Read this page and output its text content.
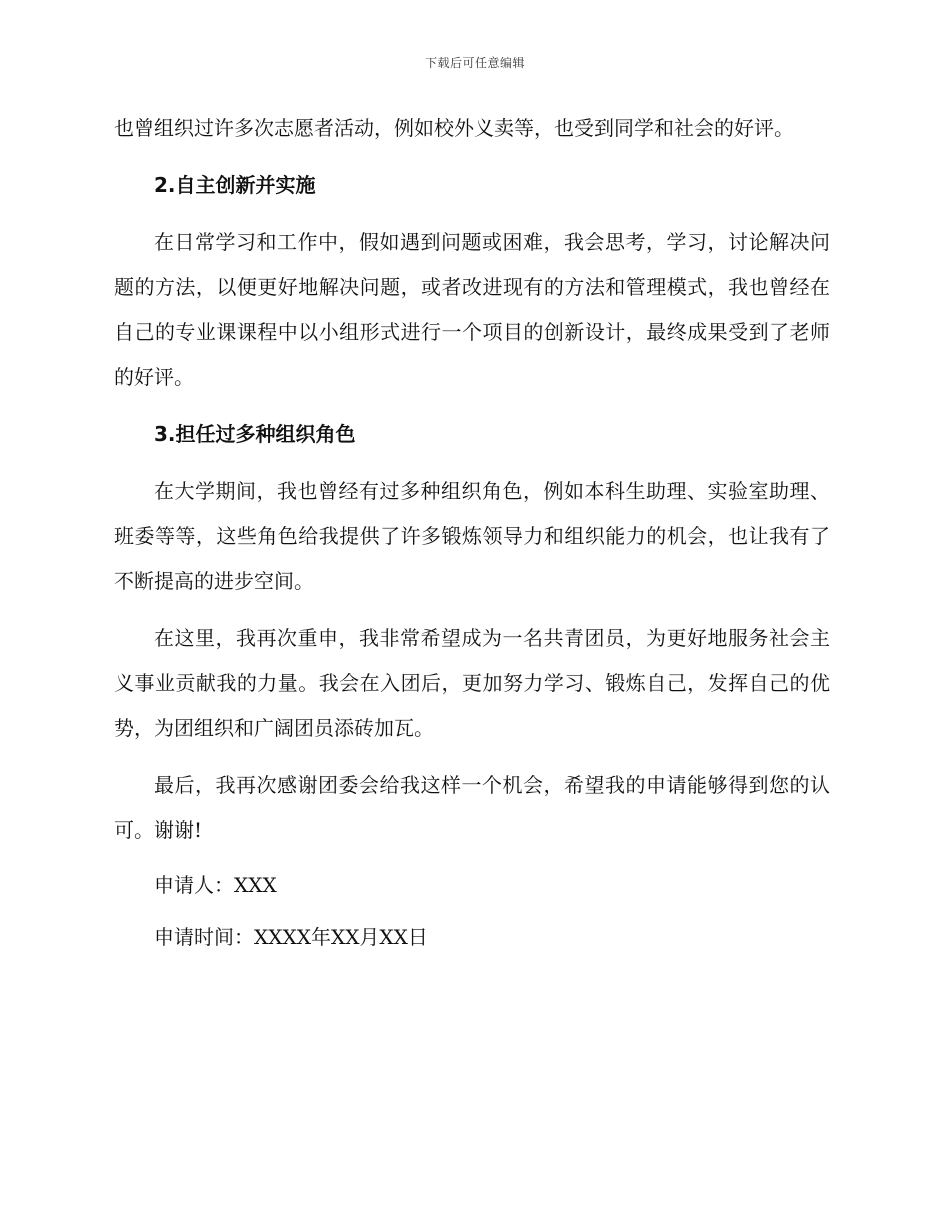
下载后可任意编辑

也曾组织过许多次志愿者活动，例如校外义卖等，也受到同学和社会的好评。

2.自主创新并实施

在日常学习和工作中，假如遇到问题或困难，我会思考，学习，讨论解决问题的方法，以便更好地解决问题，或者改进现有的方法和管理模式，我也曾经在自己的专业课课程中以小组形式进行一个项目的创新设计，最终成果受到了老师的好评。

3.担任过多种组织角色

在大学期间，我也曾经有过多种组织角色，例如本科生助理、实验室助理、班委等等，这些角色给我提供了许多锻炼领导力和组织能力的机会，也让我有了不断提高的进步空间。

在这里，我再次重申，我非常希望成为一名共青团员，为更好地服务社会主义事业贡献我的力量。我会在入团后，更加努力学习、锻炼自己，发挥自己的优势，为团组织和广阔团员添砖加瓦。

最后，我再次感谢团委会给我这样一个机会，希望我的申请能够得到您的认可。谢谢!

申请人：XXX

申请时间：XXXX年XX月XX日
